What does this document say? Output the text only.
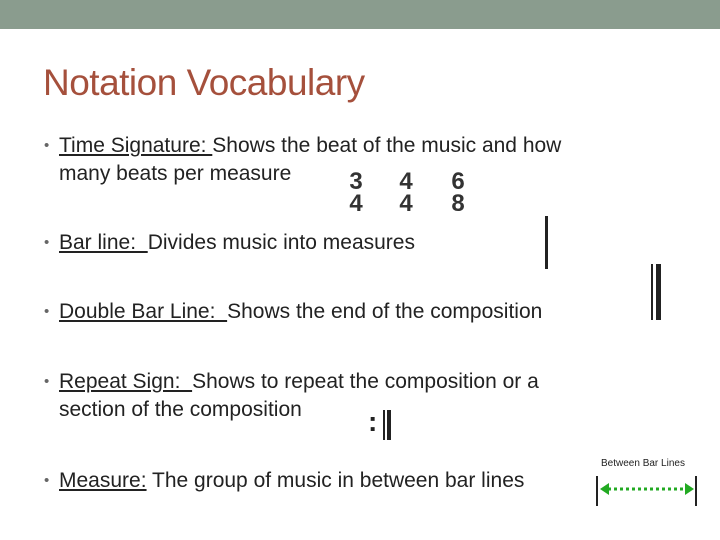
Notation Vocabulary
• Time Signature: Shows the beat of the music and how
many beats per measure 3
4
4
4
6
8
• Bar line:  Divides music into measures
• Double Bar Line:  Shows the end of the composition
• Repeat Sign:  Shows to repeat the composition or a
section of the composition :
• Measure: The group of music in between bar lines
Between Bar Lines
